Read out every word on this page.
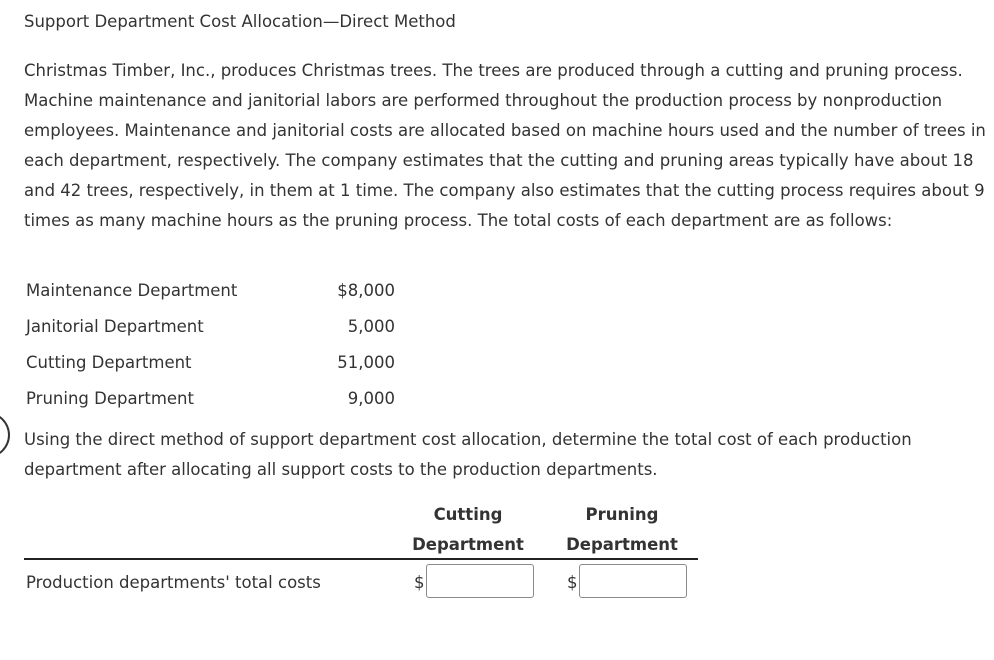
Support Department Cost Allocation—Direct Method
Christmas Timber, Inc., produces Christmas trees. The trees are produced through a cutting and pruning process. Machine maintenance and janitorial labors are performed throughout the production process by nonproduction employees. Maintenance and janitorial costs are allocated based on machine hours used and the number of trees in each department, respectively. The company estimates that the cutting and pruning areas typically have about 18 and 42 trees, respectively, in them at 1 time. The company also estimates that the cutting process requires about 9 times as many machine hours as the pruning process. The total costs of each department are as follows:
Maintenance Department	$8,000
Janitorial Department	5,000
Cutting Department	51,000
Pruning Department	9,000
Using the direct method of support department cost allocation, determine the total cost of each production department after allocating all support costs to the production departments.
Cutting
Department
Pruning
Department
Production departments' total costs	$	$
